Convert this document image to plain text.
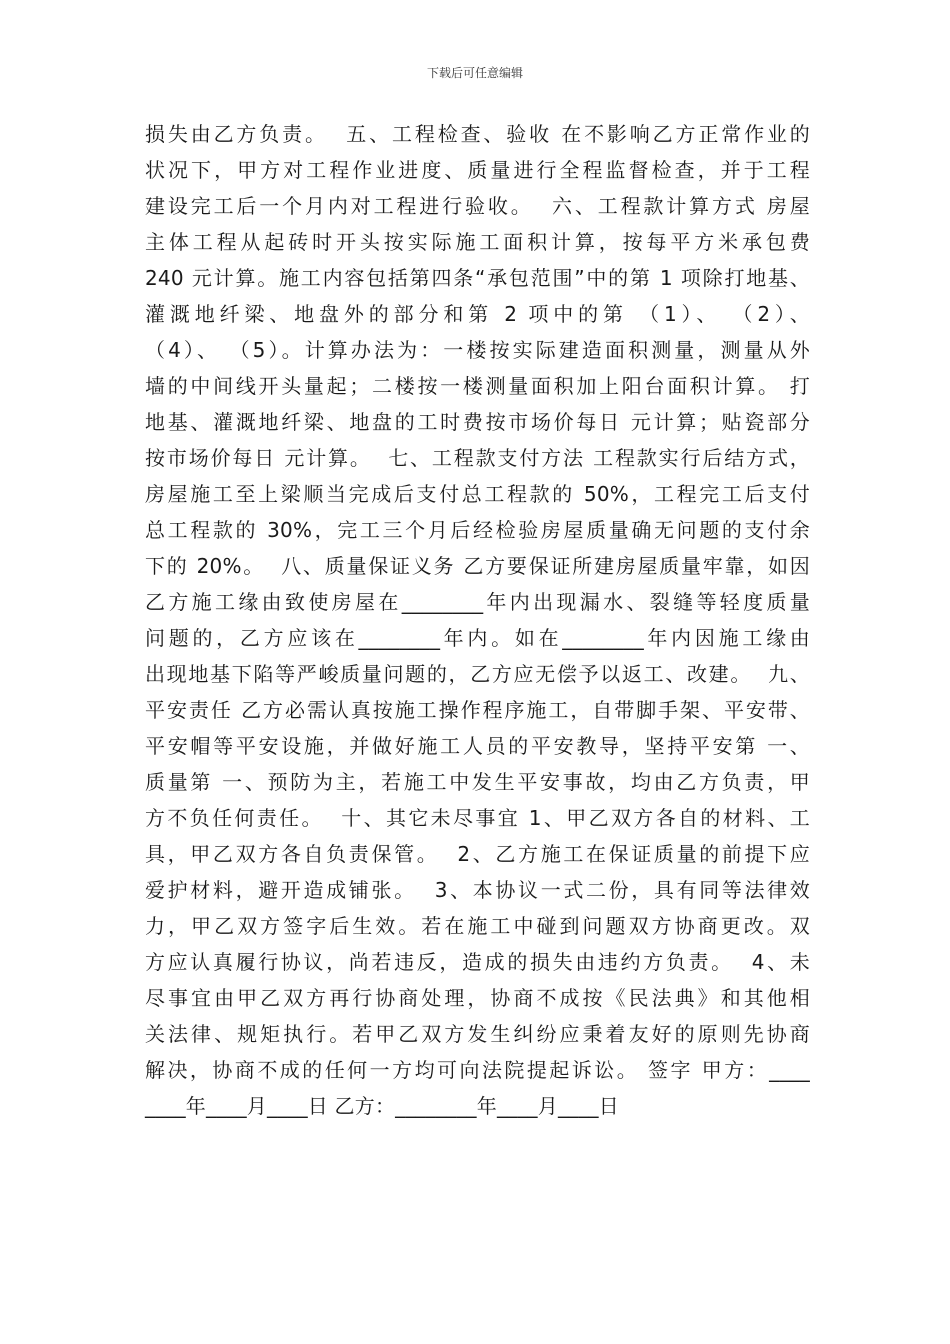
下载后可任意编辑
损失由乙方负责。  五、工程检查、验收 在不影响乙方正常作业的
状况下，甲方对工程作业进度、质量进行全程监督检查，并于工程
建设完工后一个月内对工程进行验收。  六、工程款计算方式 房屋
主体工程从起砖时开头按实际施工面积计算，按每平方米承包费
240 元计算。施工内容包括第四条“承包范围”中的第 1 项除打地基、
灌溉地纤梁、地盘外的部分和第 2 项中的第 （1）、 （2）、
（4）、 （5）。计算办法为：一楼按实际建造面积测量，测量从外
墙的中间线开头量起；二楼按一楼测量面积加上阳台面积计算。 打
地基、灌溉地纤梁、地盘的工时费按市场价每日 元计算；贴瓷部分
按市场价每日 元计算。  七、工程款支付方法 工程款实行后结方式，
房屋施工至上梁顺当完成后支付总工程款的 50%，工程完工后支付
总工程款的 30%，完工三个月后经检验房屋质量确无问题的支付余
下的 20%。  八、质量保证义务 乙方要保证所建房屋质量牢靠，如因
乙方施工缘由致使房屋在________年内出现漏水、裂缝等轻度质量
问题的，乙方应该在________年内。如在________年内因施工缘由
出现地基下陷等严峻质量问题的，乙方应无偿予以返工、改建。  九、
平安责任 乙方必需认真按施工操作程序施工，自带脚手架、平安带、
平安帽等平安设施，并做好施工人员的平安教导，坚持平安第 一、
质量第 一、预防为主，若施工中发生平安事故，均由乙方负责，甲
方不负任何责任。  十、其它未尽事宜 1、甲乙双方各自的材料、工
具，甲乙双方各自负责保管。  2、乙方施工在保证质量的前提下应
爱护材料，避开造成铺张。  3、本协议一式二份，具有同等法律效
力，甲乙双方签字后生效。若在施工中碰到问题双方协商更改。双
方应认真履行协议，尚若违反，造成的损失由违约方负责。  4、未
尽事宜由甲乙双方再行协商处理，协商不成按《民法典》和其他相
关法律、规矩执行。若甲乙双方发生纠纷应秉着友好的原则先协商
解决，协商不成的任何一方均可向法院提起诉讼。 签字 甲方：____
____年____月____日 乙方：________年____月____日
